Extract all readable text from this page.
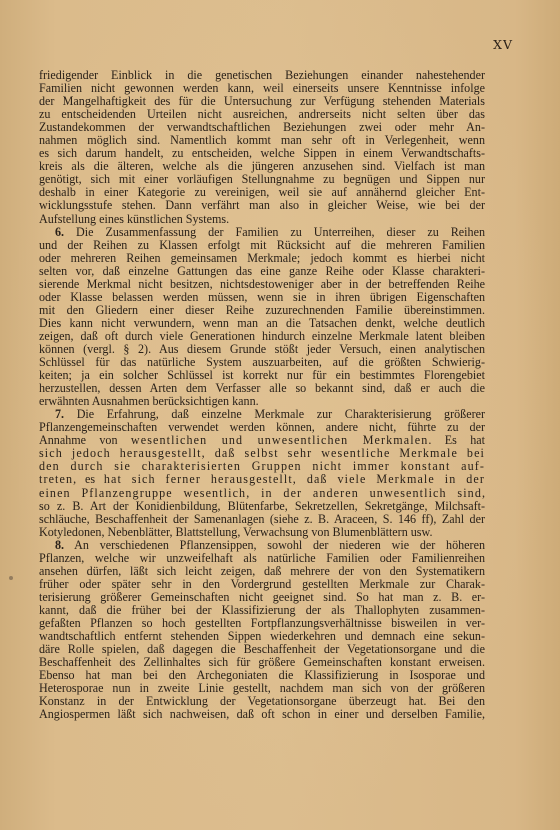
XV
friedigender Einblick in die genetischen Beziehungen einander nahestehender
Familien nicht gewonnen werden kann, weil einerseits unsere Kenntnisse infolge
der Mangelhaftigkeit des für die Untersuchung zur Verfügung stehenden Materials
zu entscheidenden Urteilen nicht ausreichen, andrerseits nicht selten über das
Zustandekommen der verwandtschaftlichen Beziehungen zwei oder mehr An-
nahmen möglich sind. Namentlich kommt man sehr oft in Verlegenheit, wenn
es sich darum handelt, zu entscheiden, welche Sippen in einem Verwandtschafts-
kreis als die älteren, welche als die jüngeren anzusehen sind. Vielfach ist man
genötigt, sich mit einer vorläufigen Stellungnahme zu begnügen und Sippen nur
deshalb in einer Kategorie zu vereinigen, weil sie auf annähernd gleicher Ent-
wicklungsstufe stehen. Dann verfährt man also in gleicher Weise, wie bei der
Aufstellung eines künstlichen Systems.
6. Die Zusammenfassung der Familien zu Unterreihen, dieser zu Reihen
und der Reihen zu Klassen erfolgt mit Rücksicht auf die mehreren Familien
oder mehreren Reihen gemeinsamen Merkmale; jedoch kommt es hierbei nicht
selten vor, daß einzelne Gattungen das eine ganze Reihe oder Klasse charakteri-
sierende Merkmal nicht besitzen, nichtsdestoweniger aber in der betreffenden Reihe
oder Klasse belassen werden müssen, wenn sie in ihren übrigen Eigenschaften
mit den Gliedern einer dieser Reihe zuzurechnenden Familie übereinstimmen.
Dies kann nicht verwundern, wenn man an die Tatsachen denkt, welche deutlich
zeigen, daß oft durch viele Generationen hindurch einzelne Merkmale latent bleiben
können (vergl. § 2). Aus diesem Grunde stößt jeder Versuch, einen analytischen
Schlüssel für das natürliche System auszuarbeiten, auf die größten Schwierig-
keiten; ja ein solcher Schlüssel ist korrekt nur für ein bestimmtes Florengebiet
herzustellen, dessen Arten dem Verfasser alle so bekannt sind, daß er auch die
erwähnten Ausnahmen berücksichtigen kann.
7. Die Erfahrung, daß einzelne Merkmale zur Charakterisierung größerer
Pflanzengemeinschaften verwendet werden können, andere nicht, führte zu der
Annahme von wesentlichen und unwesentlichen Merkmalen. Es hat
sich jedoch herausgestellt, daß selbst sehr wesentliche Merkmale bei
den durch sie charakterisierten Gruppen nicht immer konstant auf-
treten, es hat sich ferner herausgestellt, daß viele Merkmale in der
einen Pflanzengruppe wesentlich, in der anderen unwesentlich sind,
so z. B. Art der Konidienbildung, Blütenfarbe, Sekretzellen, Sekretgänge, Milchsaft-
schläuche, Beschaffenheit der Samenanlagen (siehe z. B. Araceen, S. 146 ff), Zahl der
Kotyledonen, Nebenblätter, Blattstellung, Verwachsung von Blumenblättern usw.
8. An verschiedenen Pflanzensippen, sowohl der niederen wie der höheren
Pflanzen, welche wir unzweifelhaft als natürliche Familien oder Familienreihen
ansehen dürfen, läßt sich leicht zeigen, daß mehrere der von den Systematikern
früher oder später sehr in den Vordergrund gestellten Merkmale zur Charak-
terisierung größerer Gemeinschaften nicht geeignet sind. So hat man z. B. er-
kannt, daß die früher bei der Klassifizierung der als Thallophyten zusammen-
gefaßten Pflanzen so hoch gestellten Fortpflanzungsverhältnisse bisweilen in ver-
wandtschaftlich entfernt stehenden Sippen wiederkehren und demnach eine sekun-
däre Rolle spielen, daß dagegen die Beschaffenheit der Vegetationsorgane und die
Beschaffenheit des Zellinhaltes sich für größere Gemeinschaften konstant erweisen.
Ebenso hat man bei den Archegoniaten die Klassifizierung in Isosporae und
Heterosporae nun in zweite Linie gestellt, nachdem man sich von der größeren
Konstanz in der Entwicklung der Vegetationsorgane überzeugt hat. Bei den
Angiospermen läßt sich nachweisen, daß oft schon in einer und derselben Familie,
